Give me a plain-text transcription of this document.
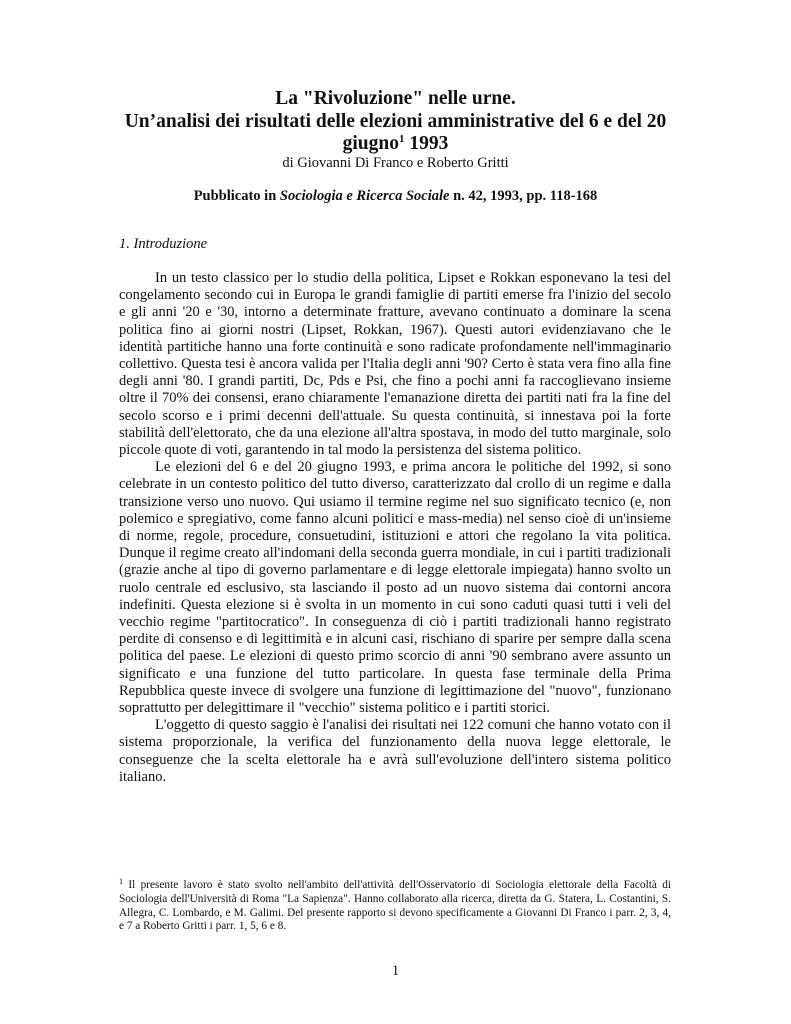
La "Rivoluzione" nelle urne.
Un’analisi dei risultati delle elezioni amministrative del 6 e del 20
giugno$^1$ 1993
di Giovanni Di Franco e Roberto Gritti
Pubblicato in Sociologia e Ricerca Sociale n. 42, 1993, pp. 118-168
1. Introduzione

In un testo classico per lo studio della politica, Lipset e Rokkan esponevano la tesi del congelamento secondo cui in Europa le grandi famiglie di partiti emerse fra l'inizio del secolo e gli anni '20 e '30, intorno a determinate fratture, avevano continuato a dominare la scena politica fino ai giorni nostri (Lipset, Rokkan, 1967). Questi autori evidenziavano che le identità partitiche hanno una forte continuità e sono radicate profondamente nell'immaginario collettivo. Questa tesi è ancora valida per l'Italia degli anni '90? Certo è stata vera fino alla fine degli anni '80. I grandi partiti, Dc, Pds e Psi, che fino a pochi anni fa raccoglievano insieme oltre il 70% dei consensi, erano chiaramente l'emanazione diretta dei partiti nati fra la fine del secolo scorso e i primi decenni dell'attuale. Su questa continuità, si innestava poi la forte stabilità dell'elettorato, che da una elezione all'altra spostava, in modo del tutto marginale, solo piccole quote di voti, garantendo in tal modo la persistenza del sistema politico.

Le elezioni del 6 e del 20 giugno 1993, e prima ancora le politiche del 1992, si sono celebrate in un contesto politico del tutto diverso, caratterizzato dal crollo di un regime e dalla transizione verso uno nuovo. Qui usiamo il termine regime nel suo significato tecnico (e, non polemico e spregiativo, come fanno alcuni politici e mass-media) nel senso cioè di un'insieme di norme, regole, procedure, consuetudini, istituzioni e attori che regolano la vita politica. Dunque il regime creato all'indomani della seconda guerra mondiale, in cui i partiti tradizionali (grazie anche al tipo di governo parlamentare e di legge elettorale impiegata) hanno svolto un ruolo centrale ed esclusivo, sta lasciando il posto ad un nuovo sistema dai contorni ancora indefiniti. Questa elezione si è svolta in un momento in cui sono caduti quasi tutti i veli del vecchio regime "partitocratico". In conseguenza di ciò i partiti tradizionali hanno registrato perdite di consenso e di legittimità e in alcuni casi, rischiano di sparire per sempre dalla scena politica del paese. Le elezioni di questo primo scorcio di anni '90 sembrano avere assunto un significato e una funzione del tutto particolare. In questa fase terminale della Prima Repubblica queste invece di svolgere una funzione di legittimazione del "nuovo", funzionano soprattutto per delegittimare il "vecchio" sistema politico e i partiti storici.

L'oggetto di questo saggio è l'analisi dei risultati nei 122 comuni che hanno votato con il sistema proporzionale, la verifica del funzionamento della nuova legge elettorale, le conseguenze che la scelta elettorale ha e avrà sull'evoluzione dell'intero sistema politico italiano.

$^1$ Il presente lavoro è stato svolto nell'ambito dell'attività dell'Osservatorio di Sociologia elettorale della Facoltà di Sociologia dell'Università di Roma "La Sapienza". Hanno collaborato alla ricerca, diretta da G. Statera, L. Costantini, S. Allegra, C. Lombardo, e M. Galimi. Del presente rapporto si devono specificamente a Giovanni Di Franco i parr. 2, 3, 4, e 7 a Roberto Gritti i parr. 1, 5, 6 e 8.
1
